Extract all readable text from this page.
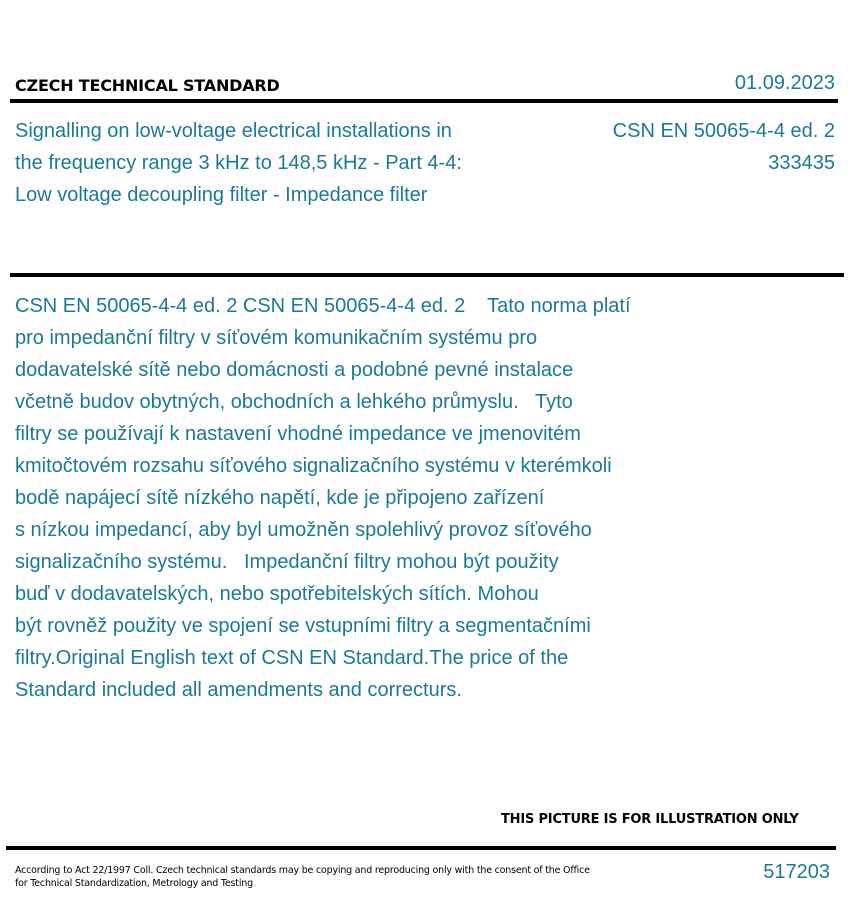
CZECH TECHNICAL STANDARD	01.09.2023
Signalling on low-voltage electrical installations in
the frequency range 3 kHz to 148,5 kHz - Part 4-4:
Low voltage decoupling filter - Impedance filter
CSN EN 50065-4-4 ed. 2
333435
CSN EN 50065-4-4 ed. 2 CSN EN 50065-4-4 ed. 2    Tato norma platí
pro impedanční filtry v síťovém komunikačním systému pro
dodavatelské sítě nebo domácnosti a podobné pevné instalace
včetně budov obytných, obchodních a lehkého průmyslu.   Tyto
filtry se používají k nastavení vhodné impedance ve jmenovitém
kmitočtovém rozsahu síťového signalizačního systému v kterémkoli
bodě napájecí sítě nízkého napětí, kde je připojeno zařízení
s nízkou impedancí, aby byl umožněn spolehlivý provoz síťového
signalizačního systému.   Impedanční filtry mohou být použity
buď v dodavatelských, nebo spotřebitelských sítích. Mohou
být rovněž použity ve spojení se vstupními filtry a segmentačními
filtry.Original English text of CSN EN Standard.The price of the
Standard included all amendments and correcturs.
THIS PICTURE IS FOR ILLUSTRATION ONLY
According to Act 22/1997 Coll. Czech technical standards may be copying and reproducing only with the consent of the Office
for Technical Standardization, Metrology and Testing
517203
